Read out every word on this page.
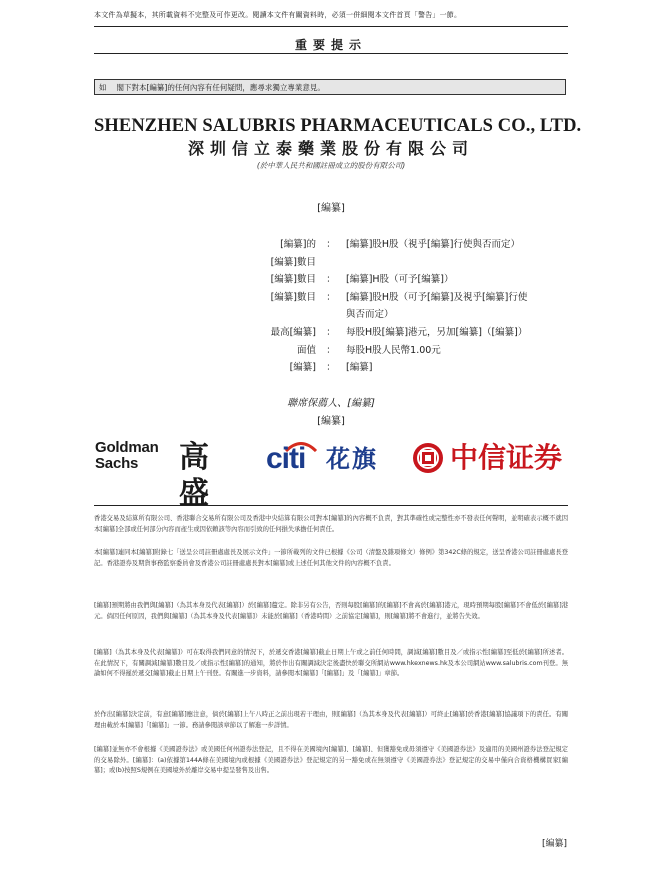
本文件為草擬本，其所載資料不完整及可作更改。閱讀本文件有關資料時，必須一併細閱本文件首頁「警告」一節。
重要提示
如 閣下對本[編纂]的任何內容有任何疑問，應尋求獨立專業意見。
SHENZHEN SALUBRIS PHARMACEUTICALS CO., LTD.
深圳信立泰藥業股份有限公司
(於中華人民共和國註冊成立的股份有限公司)
[編纂]
[編纂]的	：	[編纂]股H股（視乎[編纂]行使與否而定）
[編纂]數目		
[編纂]數目	：	[編纂]H股（可予[編纂]）
[編纂]數目	：	[編纂]股H股（可予[編纂]及視乎[編纂]行使
		與否而定）
最高[編纂]	：	每股H股[編纂]港元，另加[編纂]（[編纂]）
面值	：	每股H股人民幣1.00元
[編纂]	：	[編纂]
聯席保薦人、[編纂]
[編纂]
Goldman
Sachs	高盛
citi 花旗	中信证券
香港交易及結算所有限公司、香港聯合交易所有限公司及香港中央結算有限公司對本[編纂]的內容概不負責，對其準確性或完整性亦不發表任何聲明，並明確表示概不就因本[編纂]全部或任何部分內容而產生或因依賴該等內容而引致的任何損失承擔任何責任。
本[編纂]連同本[編纂]附錄七「送呈公司註冊處處長及展示文件」一節所載列的文件已根據《公司（清盤及雜項條文）條例》第342C條的規定，送呈香港公司註冊處處長登記。香港證券及期貨事務監察委員會及香港公司註冊處處長對本[編纂]或上述任何其他文件的內容概不負責。
[編纂]預期將由我們與[編纂]（為其本身及代表[編纂]）於[編纂]釐定。除非另有公告，否則每股[編纂]的[編纂]不會高於[編纂]港元，現時預期每股[編纂]不會低於[編纂]港元。倘因任何原因，我們與[編纂]（為其本身及代表[編纂]）未能於[編纂]（香港時間）之前協定[編纂]，則[編纂]將不會進行，並將告失效。
[編纂]（為其本身及代表[編纂]）可在取得我們同意的情況下，於遞交香港[編纂]截止日期上午或之前任何時間，調減[編纂]數目及／或指示性[編纂]至低於[編纂]所述者。在此情況下，有關調減[編纂]數目及／或指示性[編纂]的通知，將於作出有關調減決定後盡快於聯交所網站www.hkexnews.hk及本公司網站www.salubris.com刊登。無論如何不得遲於遞交[編纂]截止日期上午刊登。有關進一步資料，請參閱本[編纂]「[編纂]」及「[編纂]」章節。
於作出[編纂]決定前，有意[編纂]應注意，倘於[編纂]上午八時正之前出現若干理由，則[編纂]（為其本身及代表[編纂]）可終止[編纂]於香港[編纂]協議項下的責任。有關理由載於本[編纂]「[編纂]」一節。務請參閱該章節以了解進一步詳情。
[編纂]並無亦不會根據《美國證券法》或美國任何州證券法登記，且不得在美國境內[編纂]、[編纂]、但獲豁免或毋須遵守《美國證券法》及適用的美國州證券法登記規定的交易除外。[編纂]：(a)依據第144A條在美國境內或根據《美國證券法》登記規定的另一豁免或在無須遵守《美國證券法》登記規定的交易中僅向合資格機構買家[編纂]；或(b)按照S規例在美國境外於離岸交易中提呈發售及出售。
[編纂]
